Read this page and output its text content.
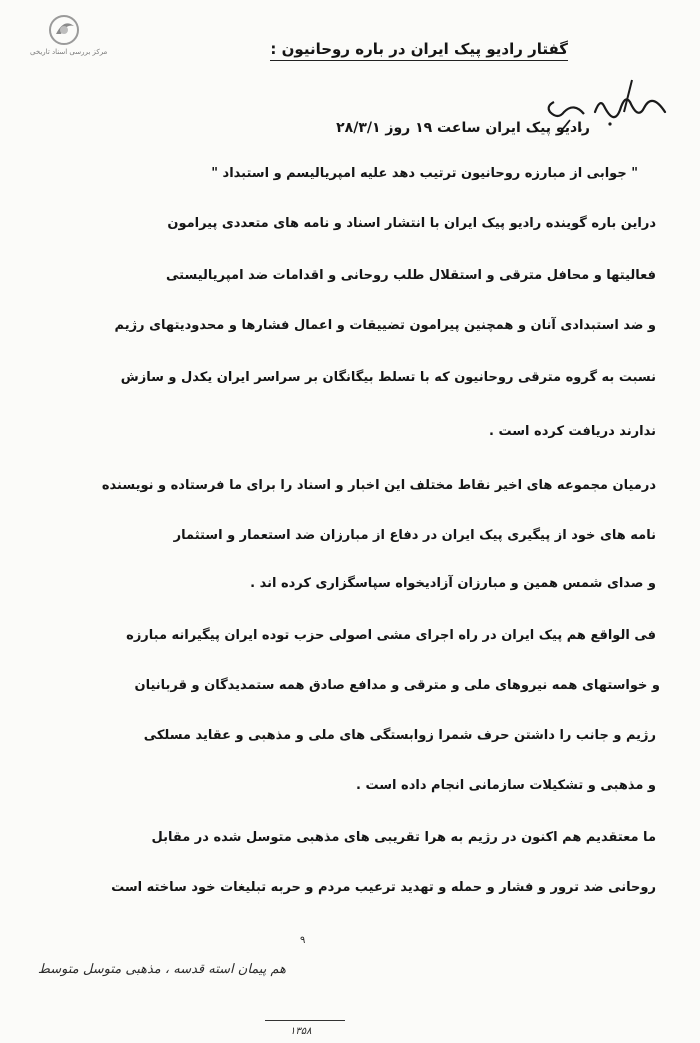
مرکز بررسی اسناد تاریخی	گفتار رادیو پیک ایران در باره روحانیون :
رادیو پیک ایران ساعت ۱۹ روز ۲۸/۳/۱
" جوابی از مبارزه روحانیون ترتیب دهد علیه امپریالیسم و استبداد "
دراین باره گوینده رادیو پیک ایران با انتشار اسناد و نامه های متعددی پیرامون
فعالیتها و محافل مترقی و استقلال طلب روحانی و اقدامات ضد امپریالیستی
و ضد استبدادی آنان و همچنین پیرامون تضییقات و اعمال فشارها و محدودیتهای رژیم
نسبت به گروه مترقی روحانیون که با تسلط بیگانگان بر سراسر ایران یکدل و سازش
ندارند دریافت کرده است .
درمیان مجموعه های اخیر نقاط مختلف این اخبار و اسناد را برای ما فرستاده و نویسنده
نامه های خود از پیگیری پیک ایران در دفاع از مبارزان ضد استعمار و استثمار
و صدای شمس همین و مبارزان آزادیخواه سپاسگزاری کرده اند .
فی الواقع هم پیک ایران در راه اجرای مشی اصولی حزب توده ایران پیگیرانه مبارزه
و خواستهای همه نیروهای ملی و مترقی و مدافع صادق همه ستمدیدگان و قربانیان
رژیم و جانب را داشتن حرف شمرا زوابستگی های ملی و مذهبی و عقاید مسلکی
و مذهبی و تشکیلات سازمانی انجام داده است .
ما معتقدیم هم اکنون در رژیم به هرا تقریبی های مذهبی متوسل شده در مقابل
روحانی ضد ترور و فشار و حمله و تهدید ترعیب مردم و حربه تبلیغات خود ساخته است
۹
هم پیمان استه قدسه ، مذهبی متوسل متوسط
۱۳۵۸
